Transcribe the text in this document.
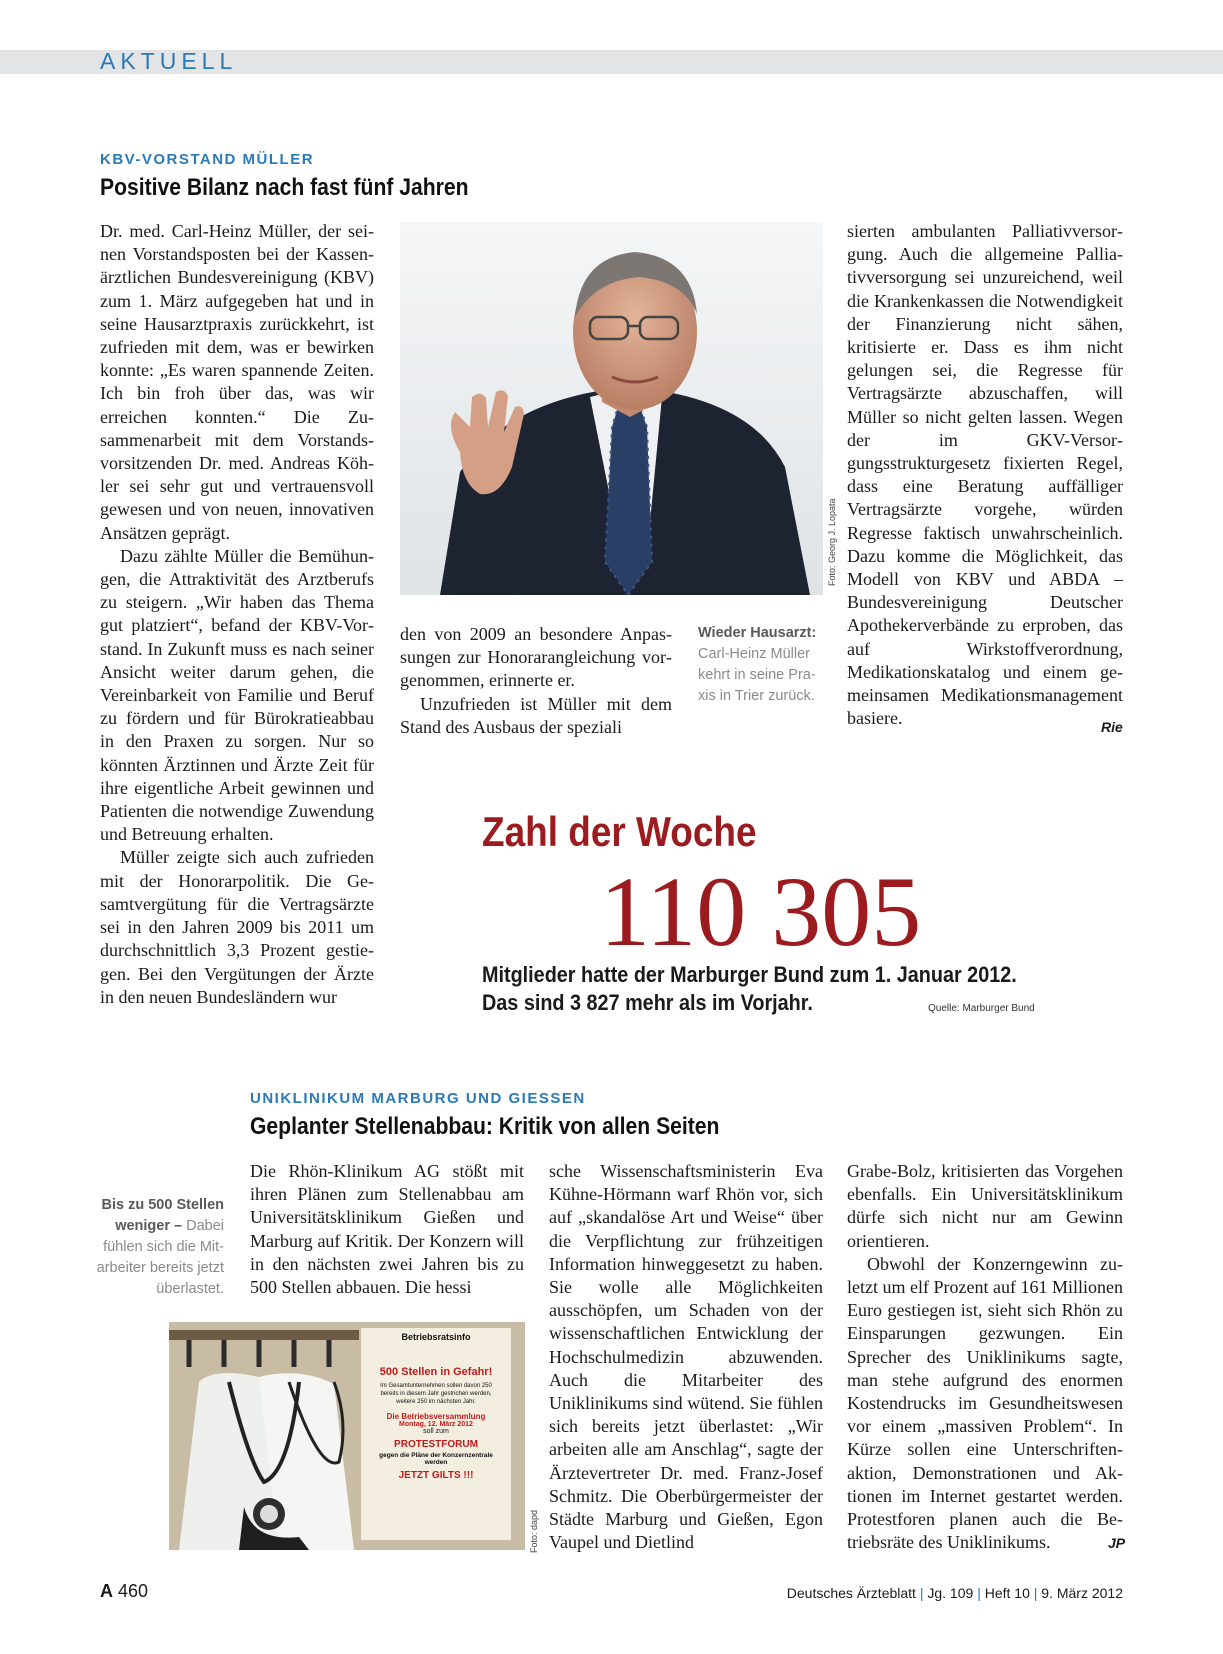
AKTUELL
KBV-VORSTAND MÜLLER
Positive Bilanz nach fast fünf Jahren

Dr. med. Carl-Heinz Müller, der seinen Vorstandsposten bei der Kassenärztlichen Bundesvereinigung (KBV) zum 1. März aufgegeben hat und in seine Hausarztpraxis zurückkehrt, ist zufrieden mit dem, was er bewirken konnte: „Es waren spannende Zeiten. Ich bin froh über das, was wir erreichen konnten.“ Die Zusammenarbeit mit dem Vorstandsvorsitzenden Dr. med. Andreas Köhler sei sehr gut und vertrauensvoll gewesen und von neuen, innovativen Ansätzen geprägt.

Dazu zählte Müller die Bemühungen, die Attraktivität des Arztberufs zu steigern. „Wir haben das Thema gut platziert“, befand der KBV-Vorstand. In Zukunft muss es nach seiner Ansicht weiter darum gehen, die Vereinbarkeit von Familie und Beruf zu fördern und für Bürokratieabbau in den Praxen zu sorgen. Nur so könnten Ärztinnen und Ärzte Zeit für ihre eigentliche Arbeit gewinnen und Patienten die notwendige Zuwendung und Betreuung erhalten.

Müller zeigte sich auch zufrieden mit der Honorarpolitik. Die Gesamtvergütung für die Vertragsärzte sei in den Jahren 2009 bis 2011 um durchschnittlich 3,3 Prozent gestiegen. Bei den Vergütungen der Ärzte in den neuen Bundesländern wur

Foto: Georg J. Lopata

den von 2009 an besondere Anpassungen zur Honorarangleichung vorgenommen, erinnerte er.

Unzufrieden ist Müller mit dem Stand des Ausbaus der speziali

Wieder Hausarzt:
Carl-Heinz Müller kehrt in seine Praxis in Trier zurück.

sierten ambulanten Palliativversorgung. Auch die allgemeine Palliativversorgung sei unzureichend, weil die Krankenkassen die Notwendigkeit der Finanzierung nicht sähen, kritisierte er. Dass es ihm nicht gelungen sei, die Regresse für Vertragsärzte abzuschaffen, will Müller so nicht gelten lassen. Wegen der im GKV-Versorgungsstrukturgesetz fixierten Regel, dass eine Beratung auffälliger Vertragsärzte vorgehe, würden Regresse faktisch unwahrscheinlich. Dazu komme die Möglichkeit, das Modell von KBV und ABDA – Bundesvereinigung Deutscher Apothekerverbände zu erproben, das auf Wirkstoffverordnung, Medikationskatalog und einem gemeinsamen Medikationsmanagement basiere.	Rie
Zahl der Woche
110 305
Mitglieder hatte der Marburger Bund zum 1. Januar 2012.
Das sind 3 827 mehr als im Vorjahr.	Quelle: Marburger Bund
UNIKLINIKUM MARBURG UND GIESSEN
Geplanter Stellenabbau: Kritik von allen Seiten
Bis zu 500 Stellen weniger – Dabei fühlen sich die Mitarbeiter bereits jetzt überlastet.

Die Rhön-Klinikum AG stößt mit ihren Plänen zum Stellenabbau am Universitätsklinikum Gießen und Marburg auf Kritik. Der Konzern will in den nächsten zwei Jahren bis zu 500 Stellen abbauen. Die hessi

Betriebsratsinfo
500 Stellen in Gefahr!
Im Gesamtunternehmen sollen davon 250 bereits in diesem Jahr gestrichen werden, weitere 250 im nächsten Jahr.
Die Betriebsversammlung
Montag, 12. März 2012
soll zum
PROTESTFORUM
gegen die Pläne der Konzernzentrale werden
JETZT GILTS !!!
Foto: dapd

sche Wissenschaftsministerin Eva Kühne-Hörmann warf Rhön vor, sich auf „skandalöse Art und Weise“ über die Verpflichtung zur frühzeitigen Information hinweggesetzt zu haben. Sie wolle alle Möglichkeiten ausschöpfen, um Schaden von der wissenschaftlichen Entwicklung der Hochschulmedizin abzuwenden. Auch die Mitarbeiter des Uniklinikums sind wütend. Sie fühlen sich bereits jetzt überlastet: „Wir arbeiten alle am Anschlag“, sagte der Ärztevertreter Dr. med. Franz-Josef Schmitz. Die Oberbürgermeister der Städte Marburg und Gießen, Egon Vaupel und Dietlind

Grabe-Bolz, kritisierten das Vorgehen ebenfalls. Ein Universitätsklinikum dürfe sich nicht nur am Gewinn orientieren.

Obwohl der Konzerngewinn zuletzt um elf Prozent auf 161 Millionen Euro gestiegen ist, sieht sich Rhön zu Einsparungen gezwungen. Ein Sprecher des Uniklinikums sagte, man stehe aufgrund des enormen Kostendrucks im Gesundheitswesen vor einem „massiven Problem“. In Kürze sollen eine Unterschriftenaktion, Demonstrationen und Aktionen im Internet gestartet werden. Protestforen planen auch die Betriebsräte des Uniklinikums.	JP
A 460	Deutsches Ärzteblatt | Jg. 109 | Heft 10 | 9. März 2012
